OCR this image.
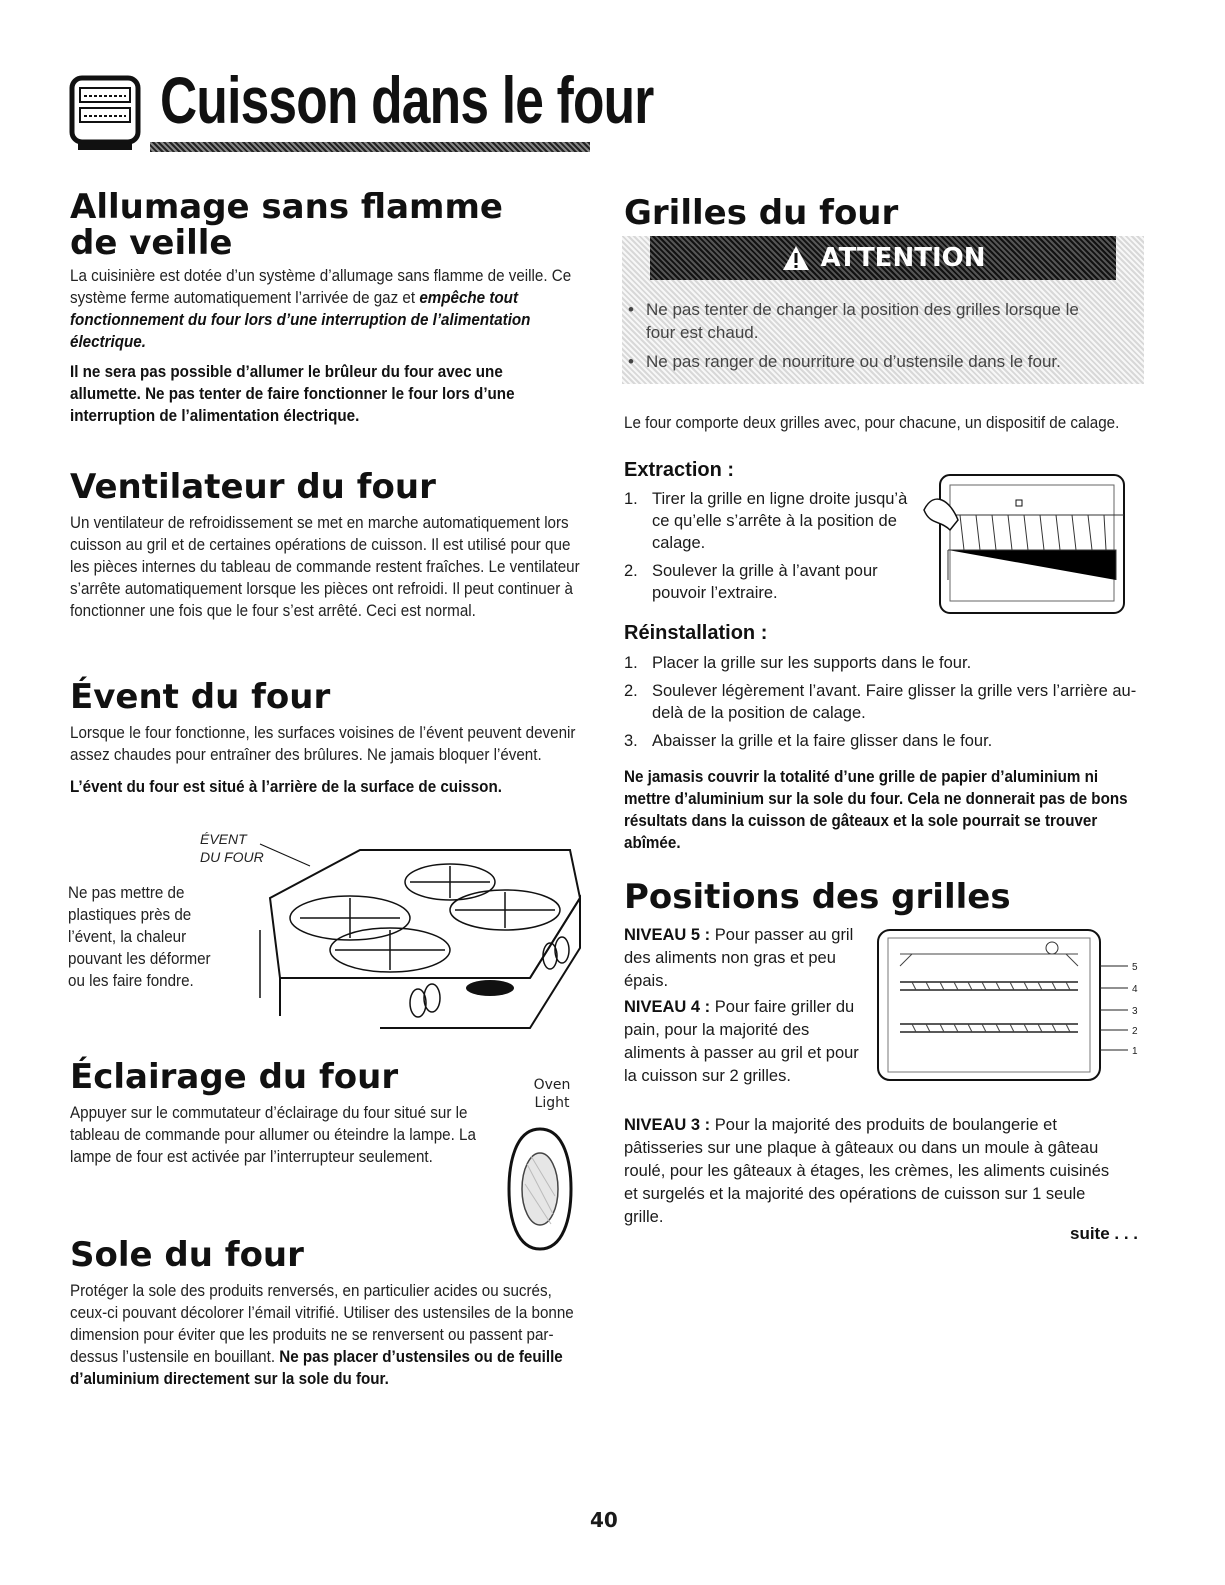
Cuisson dans le four
Allumage sans flamme de veille
La cuisinière est dotée d’un système d’allumage sans flamme de veille. Ce système ferme automatiquement l’arrivée de gaz et empêche tout fonctionnement du four lors d’une interruption de l’alimentation électrique.
Il ne sera pas possible d’allumer le brûleur du four avec une allumette. Ne pas tenter de faire fonctionner le four lors d’une interruption de l’alimentation électrique.
Ventilateur du four
Un ventilateur de refroidissement se met en marche automatiquement lors cuisson au gril et de certaines opérations de cuisson. Il est utilisé pour que les pièces internes du tableau de commande restent fraîches. Le ventilateur s’arrête automatiquement lorsque les pièces ont refroidi. Il peut continuer à fonctionner une fois que le four s’est arrêté. Ceci est normal.
Évent du four
Lorsque le four fonctionne, les surfaces voisines de l’évent peuvent devenir assez chaudes pour entraîner des brûlures. Ne jamais bloquer l’évent.
L’évent du four est situé à l’arrière de la surface de cuisson.
ÉVENT
DU FOUR
Ne pas mettre de plastiques près de l’évent, la chaleur pouvant les déformer ou les faire fondre.
Éclairage du four
Appuyer sur le commutateur d’éclairage du four situé sur le tableau de commande pour allumer ou éteindre la lampe. La lampe de four est activée par l’interrupteur seulement.
Oven
Light
Sole du four
Protéger la sole des produits renversés, en particulier acides ou sucrés, ceux-ci pouvant décolorer l’émail vitrifié. Utiliser des ustensiles de la bonne dimension pour éviter que les produits ne se renversent ou passent par-dessus l’ustensile en bouillant. Ne pas placer d’ustensiles ou de feuille d’aluminium directement sur la sole du four.
Grilles du four
ATTENTION
• Ne pas tenter de changer la position des grilles lorsque le four est chaud.
• Ne pas ranger de nourriture ou d’ustensile dans le four.
Le four comporte deux grilles avec, pour chacune, un dispositif de calage.
Extraction :
1. Tirer la grille en ligne droite jusqu’à ce qu’elle s’arrête à la position de calage.
2. Soulever la grille à l’avant pour pouvoir l’extraire.
Réinstallation :
1. Placer la grille sur les supports dans le four.
2. Soulever légèrement l’avant. Faire glisser la grille vers l’arrière au-delà de la position de calage.
3. Abaisser la grille et la faire glisser dans le four.
Ne jamasis couvrir la totalité d’une grille de papier d’aluminium ni mettre d’aluminium sur la sole du four. Cela ne donnerait pas de bons résultats dans la cuisson de gâteaux et la sole pourrait se trouver abîmée.
Positions des grilles
NIVEAU 5 : Pour passer au gril des aliments non gras et peu épais.
NIVEAU 4 : Pour faire griller du pain, pour la majorité des aliments à passer au gril et pour la cuisson sur 2 grilles.
5
4
3
2
1
NIVEAU 3 : Pour la majorité des produits de boulangerie et pâtisseries sur une plaque à gâteaux ou dans un moule à gâteau roulé, pour les gâteaux à étages, les crèmes, les aliments cuisinés et surgelés et la majorité des opérations de cuisson sur 1 seule grille.
suite . . .
40
